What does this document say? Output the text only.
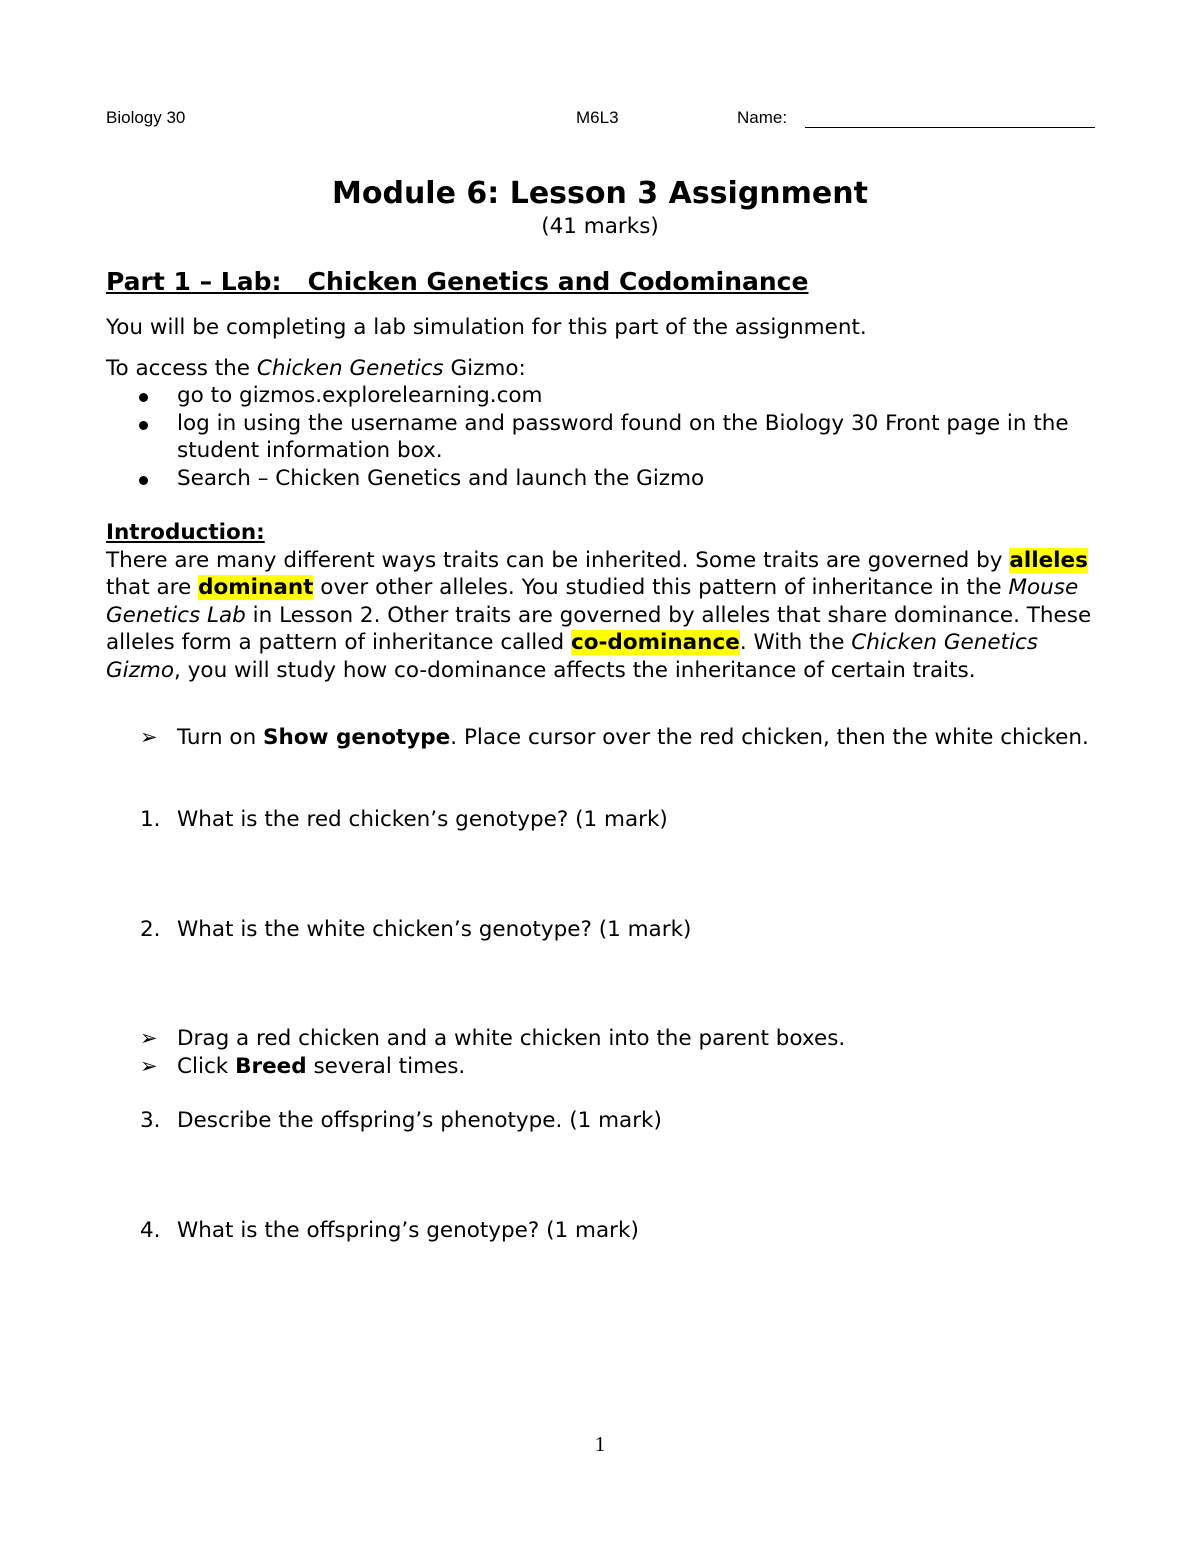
Biology 30	M6L3	Name:
Module 6: Lesson 3 Assignment
(41 marks)
Part 1 – Lab:   Chicken Genetics and Codominance

You will be completing a lab simulation for this part of the assignment.

To access the Chicken Genetics Gizmo:

go to gizmos.explorelearning.com
log in using the username and password found on the Biology 30 Front page in the student information box.
Search – Chicken Genetics and launch the Gizmo

Introduction:
There are many different ways traits can be inherited. Some traits are governed by alleles that are dominant over other alleles. You studied this pattern of inheritance in the Mouse Genetics Lab in Lesson 2. Other traits are governed by alleles that share dominance. These alleles form a pattern of inheritance called co-dominance. With the Chicken Genetics Gizmo, you will study how co-dominance affects the inheritance of certain traits.

➢ Turn on Show genotype. Place cursor over the red chicken, then the white chicken.
1. What is the red chicken’s genotype? (1 mark)
2. What is the white chicken’s genotype? (1 mark)
➢ Drag a red chicken and a white chicken into the parent boxes.
➢ Click Breed several times.
3. Describe the offspring’s phenotype. (1 mark)
4. What is the offspring’s genotype? (1 mark)
1
